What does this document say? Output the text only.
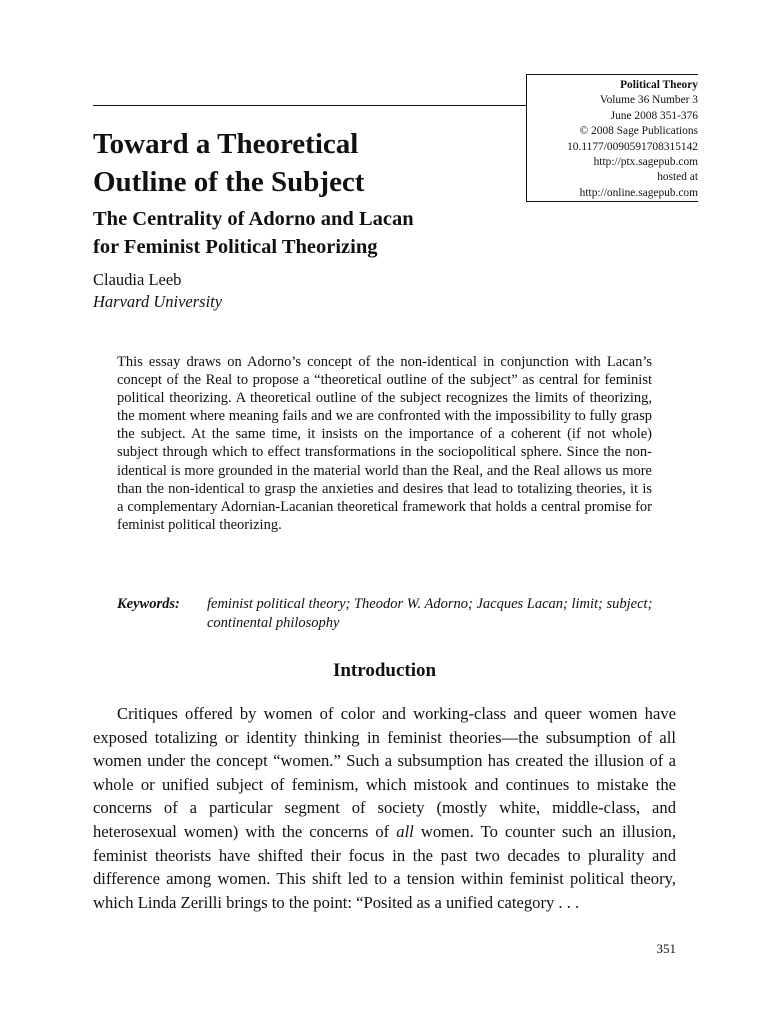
Political Theory
Volume 36 Number 3
June 2008 351-376
© 2008 Sage Publications
10.1177/0090591708315142
http://ptx.sagepub.com
hosted at
http://online.sagepub.com
Toward a Theoretical
Outline of the Subject
The Centrality of Adorno and Lacan
for Feminist Political Theorizing
Claudia Leeb
Harvard University

This essay draws on Adorno’s concept of the non-identical in conjunction with Lacan’s concept of the Real to propose a “theoretical outline of the subject” as central for feminist political theorizing. A theoretical outline of the subject recognizes the limits of theorizing, the moment where meaning fails and we are confronted with the impossibility to fully grasp the subject. At the same time, it insists on the importance of a coherent (if not whole) subject through which to effect transformations in the sociopolitical sphere. Since the non-identical is more grounded in the material world than the Real, and the Real allows us more than the non-identical to grasp the anxieties and desires that lead to totalizing theories, it is a complementary Adornian-Lacanian theoretical framework that holds a central promise for feminist political theorizing.

Keywords:	feminist political theory; Theodor W. Adorno; Jacques Lacan; limit; subject; continental philosophy
Introduction

Critiques offered by women of color and working-class and queer women have exposed totalizing or identity thinking in feminist theories—the subsumption of all women under the concept “women.” Such a subsumption has created the illusion of a whole or unified subject of feminism, which mistook and continues to mistake the concerns of a particular segment of society (mostly white, middle-class, and heterosexual women) with the concerns of all women. To counter such an illusion, feminist theorists have shifted their focus in the past two decades to plurality and difference among women. This shift led to a tension within feminist political theory, which Linda Zerilli brings to the point: “Posited as a unified category . . .

351
